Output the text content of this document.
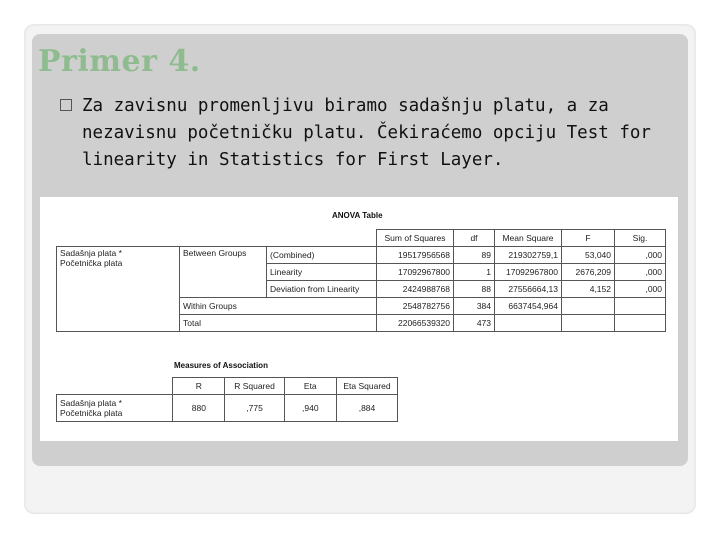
Primer 4.
Za zavisnu promenljivu biramo sadašnju platu, a za nezavisnu početničku platu. Čekiraćemo opciju Test for linearity in Statistics for First Layer.
ANOVA Table
			Sum of Squares	df	Mean Square	F	Sig.

Sadašnja plata *
Početnička plata	Between Groups	(Combined)	19517956568	89	219302759,1	53,040	,000
		Linearity	17092967800	1	17092967800	2676,209	,000
		Deviation from Linearity	2424988768	88	27556664,13	4,152	,000
	Within Groups		2548782756	384	6637454,964		
	Total		22066539320	473			
Measures of Association
	R	R Squared	Eta	Eta Squared

Sadašnja plata *
Početnička plata	880	,775	,940	,884
